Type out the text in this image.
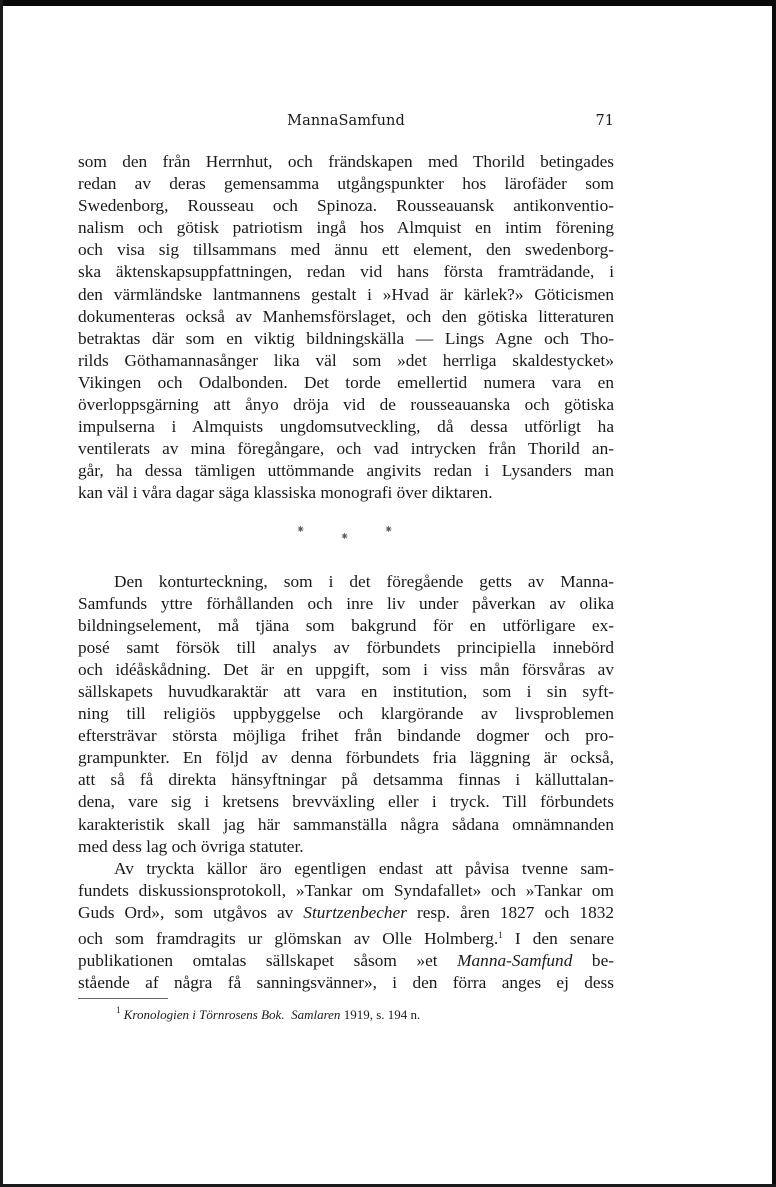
MannaSamfund	71
som den från Herrnhut, och frändskapen med Thorild betingades
redan av deras gemensamma utgångspunkter hos lärofäder som
Swedenborg, Rousseau och Spinoza. Rousseauansk antikonventio-
nalism och götisk patriotism ingå hos Almquist en intim förening
och visa sig tillsammans med ännu ett element, den swedenborg-
ska äktenskapsuppfattningen, redan vid hans första framträdande, i
den värmländske lantmannens gestalt i »Hvad är kärlek?» Göticismen
dokumenteras också av Manhemsförslaget, och den götiska litteraturen
betraktas där som en viktig bildningskälla — Lings Agne och Tho-
rilds Göthamannasånger lika väl som »det herrliga skaldestycket»
Vikingen och Odalbonden. Det torde emellertid numera vara en
överloppsgärning att ånyo dröja vid de rousseauanska och götiska
impulserna i Almquists ungdomsutveckling, då dessa utförligt ha
ventilerats av mina föregångare, och vad intrycken från Thorild an-
går, ha dessa tämligen uttömmande angivits redan i Lysanders man
kan väl i våra dagar säga klassiska monografi över diktaren.
⁕
⁕
⁕
Den konturteckning, som i det föregående getts av Manna-
Samfunds yttre förhållanden och inre liv under påverkan av olika
bildningselement, må tjäna som bakgrund för en utförligare ex-
posé samt försök till analys av förbundets principiella innebörd
och idéåskådning. Det är en uppgift, som i viss mån försvåras av
sällskapets huvudkaraktär att vara en institution, som i sin syft-
ning till religiös uppbyggelse och klargörande av livsproblemen
eftersträvar största möjliga frihet från bindande dogmer och pro-
grampunkter. En följd av denna förbundets fria läggning är också,
att så få direkta hänsyftningar på detsamma finnas i källuttalan-
dena, vare sig i kretsens brevväxling eller i tryck. Till förbundets
karakteristik skall jag här sammanställa några sådana omnämnanden
med dess lag och övriga statuter.
Av tryckta källor äro egentligen endast att påvisa tvenne sam-
fundets diskussionsprotokoll, »Tankar om Syndafallet» och »Tankar om
Guds Ord», som utgåvos av Sturtzenbecher resp. åren 1827 och 1832
och som framdragits ur glömskan av Olle Holmberg.$^1$ I den senare
publikationen omtalas sällskapet såsom »et Manna-Samfund be-
stående af några få sanningsvänner», i den förra anges ej dess
$^1$ Kronologien i Törnrosens Bok. Samlaren 1919, s. 194 n.
